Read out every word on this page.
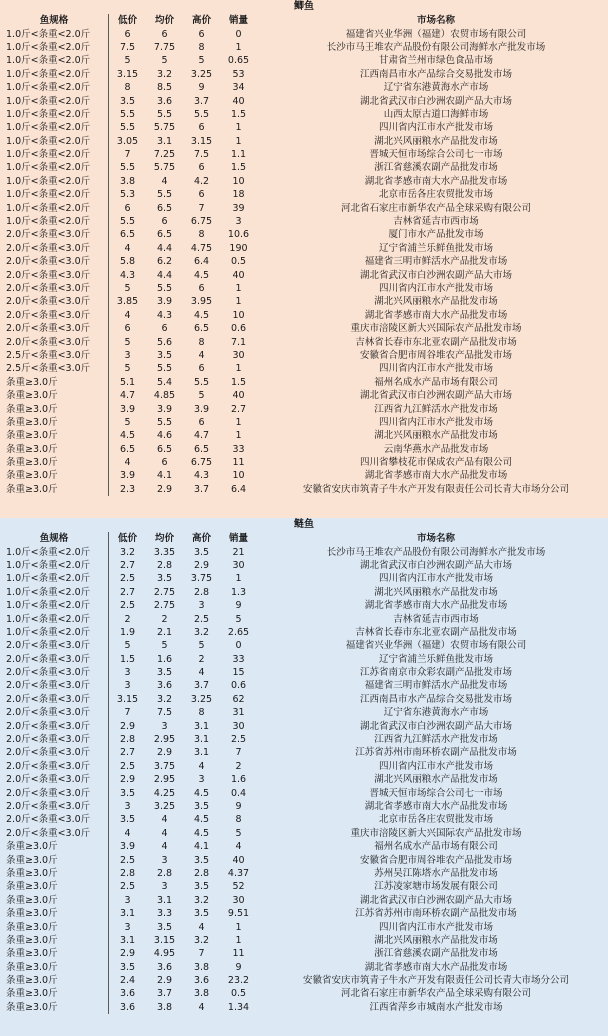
鲫鱼
鱼规格	低价	均价	高价	销量	市场名称
1.0斤<条重<2.0斤	6	6	6	0	福建省兴业华洲（福建）农贸市场有限公司
1.0斤<条重<2.0斤	7.5	7.75	8	1	长沙市马王堆农产品股份有限公司海鲜水产批发市场
1.0斤<条重<2.0斤	5	5	5	0.65	甘肃省兰州市绿色食品市场
1.0斤<条重<2.0斤	3.15	3.2	3.25	53	江西南昌市水产品综合交易批发市场
1.0斤<条重<2.0斤	8	8.5	9	34	辽宁省东港黄海水产市场
1.0斤<条重<2.0斤	3.5	3.6	3.7	40	湖北省武汉市白沙洲农副产品大市场
1.0斤<条重<2.0斤	5.5	5.5	5.5	1.5	山西太原古道口海鲜市场
1.0斤<条重<2.0斤	5.5	5.75	6	1	四川省内江市水产批发市场
1.0斤<条重<2.0斤	3.05	3.1	3.15	1	湖北兴风丽粮水产品批发市场
1.0斤<条重<2.0斤	7	7.25	7.5	1.1	晋城天恒市场综合公司七一市场
1.0斤<条重<2.0斤	5.5	5.75	6	1.5	浙江省慈溪农副产品批发市场
1.0斤<条重<2.0斤	3.8	4	4.2	10	湖北省孝感市南大水产品批发市场
1.0斤<条重<2.0斤	5.3	5.5	6	18	北京市岳各庄农贸批发市场
1.0斤<条重<2.0斤	6	6.5	7	39	河北省石家庄市新华农产品全球采购有限公司
1.0斤<条重<2.0斤	5.5	6	6.75	3	吉林省延吉市西市场
2.0斤<条重<3.0斤	6.5	6.5	8	10.6	厦门市水产品批发市场
2.0斤<条重<3.0斤	4	4.4	4.75	190	辽宁省浦兰乐鲜鱼批发市场
2.0斤<条重<3.0斤	5.8	6.2	6.4	0.5	福建省三明市鲜活水产品批发市场
2.0斤<条重<3.0斤	4.3	4.4	4.5	40	湖北省武汉市白沙洲农副产品大市场
2.0斤<条重<3.0斤	5	5.5	6	1	四川省内江市水产批发市场
2.0斤<条重<3.0斤	3.85	3.9	3.95	1	湖北兴风丽粮水产品批发市场
2.0斤<条重<3.0斤	4	4.3	4.5	10	湖北省孝感市南大水产品批发市场
2.0斤<条重<3.0斤	6	6	6.5	0.6	重庆市涪陵区新大兴国际农产品批发市场
2.0斤<条重<3.0斤	5	5.6	8	7.1	吉林省长春市东北亚农副产品批发市场
2.5斤<条重<3.0斤	3	3.5	4	30	安徽省合肥市周谷堆农产品批发市场
2.5斤<条重<3.0斤	5	5.5	6	1	四川省内江市水产批发市场
条重≥3.0斤	5.1	5.4	5.5	1.5	福州名成水产品市场有限公司
条重≥3.0斤	4.7	4.85	5	40	湖北省武汉市白沙洲农副产品大市场
条重≥3.0斤	3.9	3.9	3.9	2.7	江西省九江鲜活水产批发市场
条重≥3.0斤	5	5.5	6	1	四川省内江市水产批发市场
条重≥3.0斤	4.5	4.6	4.7	1	湖北兴风丽粮水产品批发市场
条重≥3.0斤	6.5	6.5	6.5	33	云南华燕水产品批发市场
条重≥3.0斤	4	6	6.75	11	四川省攀枝花市保成农产品有限公司
条重≥3.0斤	3.9	4.1	4.3	10	湖北省孝感市南大水产品批发市场
条重≥3.0斤	2.3	2.9	3.7	6.4	安徽省安庆市筑青子牛水产开发有限责任公司长青大市场分公司
鲢鱼
鱼规格	低价	均价	高价	销量	市场名称
1.0斤<条重<2.0斤	3.2	3.35	3.5	21	长沙市马王堆农产品股份有限公司海鲜水产批发市场
1.0斤<条重<2.0斤	2.7	2.8	2.9	30	湖北省武汉市白沙洲农副产品大市场
1.0斤<条重<2.0斤	2.5	3.5	3.75	1	四川省内江市水产批发市场
1.0斤<条重<2.0斤	2.7	2.75	2.8	1.3	湖北兴风丽粮水产品批发市场
1.0斤<条重<2.0斤	2.5	2.75	3	9	湖北省孝感市南大水产品批发市场
1.0斤<条重<2.0斤	2	2	2.5	5	吉林省延吉市西市场
1.0斤<条重<2.0斤	1.9	2.1	3.2	2.65	吉林省长春市东北亚农副产品批发市场
2.0斤<条重<3.0斤	5	5	5	0	福建省兴业华洲（福建）农贸市场有限公司
2.0斤<条重<3.0斤	1.5	1.6	2	33	辽宁省浦兰乐鲜鱼批发市场
2.0斤<条重<3.0斤	3	3.5	4	15	江苏省南京市众彩农副产品批发市场
2.0斤<条重<3.0斤	3	3.6	3.7	0.6	福建省三明市鲜活水产品批发市场
2.0斤<条重<3.0斤	3.15	3.2	3.25	62	江西南昌市水产品综合交易批发市场
2.0斤<条重<3.0斤	7	7.5	8	31	辽宁省东港黄海水产市场
2.0斤<条重<3.0斤	2.9	3	3.1	30	湖北省武汉市白沙洲农副产品大市场
2.0斤<条重<3.0斤	2.8	2.95	3.1	2.5	江西省九江鲜活水产批发市场
2.0斤<条重<3.0斤	2.7	2.9	3.1	7	江苏省苏州市南环桥农副产品批发市场
2.0斤<条重<3.0斤	2.5	3.75	4	2	四川省内江市水产批发市场
2.0斤<条重<3.0斤	2.9	2.95	3	1.6	湖北兴风丽粮水产品批发市场
2.0斤<条重<3.0斤	3.5	4.25	4.5	0.4	晋城天恒市场综合公司七一市场
2.0斤<条重<3.0斤	3	3.25	3.5	9	湖北省孝感市南大水产品批发市场
2.0斤<条重<3.0斤	3.5	4	4.5	8	北京市岳各庄农贸批发市场
2.0斤<条重<3.0斤	4	4	4.5	5	重庆市涪陵区新大兴国际农产品批发市场
条重≥3.0斤	3.9	4	4.1	4	福州名成水产品市场有限公司
条重≥3.0斤	2.5	3	3.5	40	安徽省合肥市周谷堆农产品批发市场
条重≥3.0斤	2.8	2.8	2.8	4.37	苏州吴江陈塔水产品批发市场
条重≥3.0斤	2.5	3	3.5	52	江苏凌家塘市场发展有限公司
条重≥3.0斤	3	3.1	3.2	30	湖北省武汉市白沙洲农副产品大市场
条重≥3.0斤	3.1	3.3	3.5	9.51	江苏省苏州市南环桥农副产品批发市场
条重≥3.0斤	3	3.5	4	1	四川省内江市水产批发市场
条重≥3.0斤	3.1	3.15	3.2	1	湖北兴风丽粮水产品批发市场
条重≥3.0斤	2.9	4.95	7	11	浙江省慈溪农副产品批发市场
条重≥3.0斤	3.5	3.6	3.8	9	湖北省孝感市南大水产品批发市场
条重≥3.0斤	2.4	2.9	3.6	23.2	安徽省安庆市筑青子牛水产开发有限责任公司长青大市场分公司
条重≥3.0斤	3.6	3.7	3.8	0.5	河北省石家庄市新华农产品全球采购有限公司
条重≥3.0斤	3.6	3.8	4	1.34	江西省萍乡市城南水产批发市场
